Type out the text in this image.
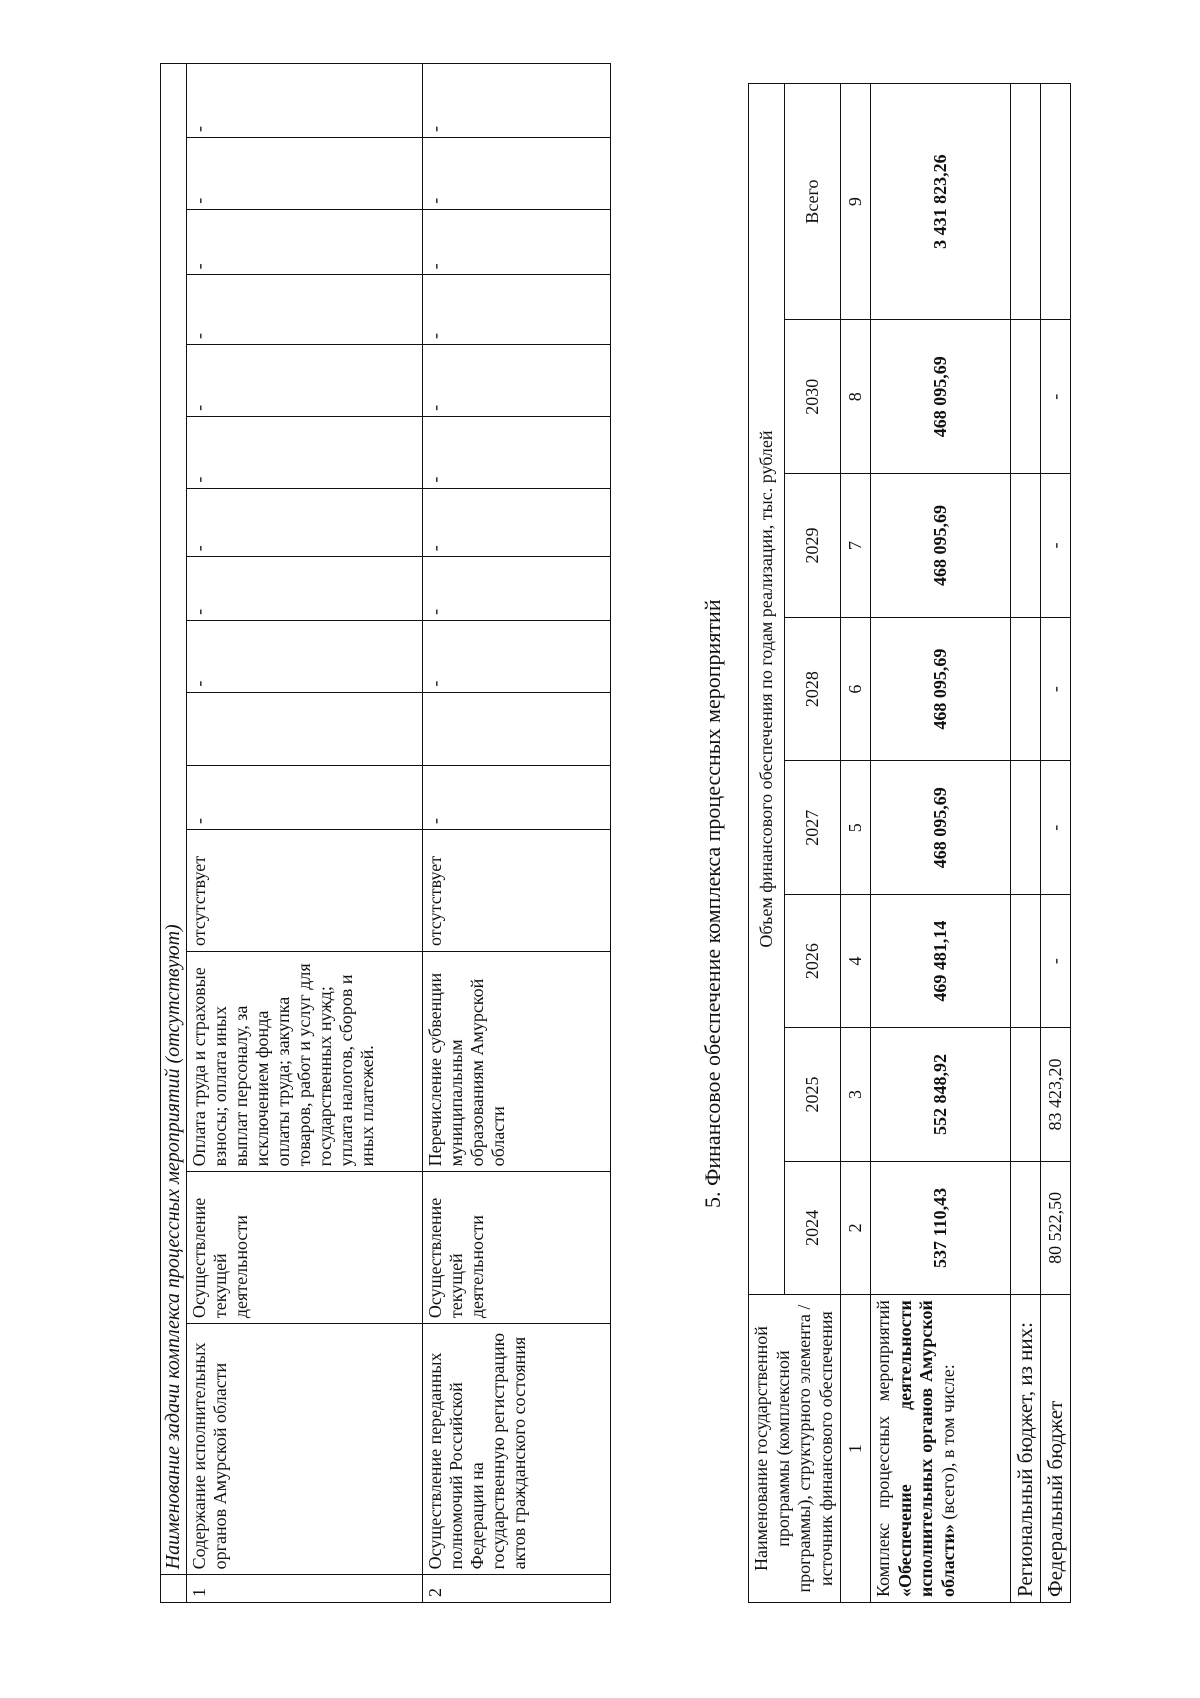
	Наименование задачи комплекса процессных мероприятий (отсутствуют)														
1	Содержание исполнительных органов Амурской области	Осуществление текущей деятельности	Оплата труда и страховые взносы; оплата иных выплат персоналу, за исключением фонда оплаты труда; закупка товаров, работ и услуг для государственных нужд; уплата налогов, сборов и иных платежей.	отсутствует	-		-	-	-	-	-	-	-	-	-
2	Осуществление переданных полномочий Российской Федерации на государственную регистрацию актов гражданского состояния	Осуществление текущей деятельности	Перечисление субвенции муниципальным образованиям Амурской области	отсутствует	-		-	-	-	-	-	-	-	-	-
5. Финансовое обеспечение комплекса процессных мероприятий
Наименование государственной программы (комплексной программы), структурного элемента / источник финансового обеспечения	Объем финансового обеспечения по годам реализации, тыс. рублей							
	2024	2025	2026	2027	2028	2029	2030	Всего
1	2	3	4	5	6	7	8	9
Комплекс процессных мероприятий «Обеспечение деятельности исполнительных органов Амурской области» (всего), в том числе:	537 110,43	552 848,92	469 481,14	468 095,69	468 095,69	468 095,69	468 095,69	3 431 823,26
Региональный бюджет, из них:								
Федеральный бюджет	80 522,50	83 423,20	-	-	-	-	-	
